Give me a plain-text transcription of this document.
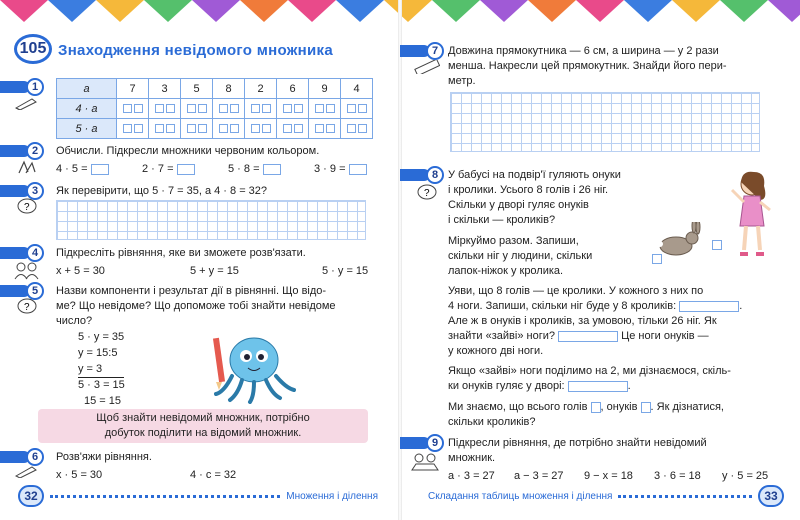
105 Знаходження невідомого множника
1	a	7	3	5	8	2	6	9	4
4 · a								
5 · a								
2	Обчисли. Підкресли множники червоним кольором.
4 · 5 =	2 · 7 =	5 · 8 =	3 · 9 =
3	Як перевірити, що 5 · 7 = 35, а 4 · 8 = 32?
?
4	Підкресліть рівняння, яке ви зможете розв'язати.
x + 5 = 30	5 + y = 15	5 · y = 15
5
?
Назви компоненти і результат дії в рівнянні. Що відо-
ме? Що невідоме? Що допоможе тобі знайти невідоме
число?
5 · y = 35
y = 15:5
y = 3
5 · 3 = 15
15 = 15
Щоб знайти невідомий множник, потрібно
добуток поділити на відомий множник.
6	Розв'яжи рівняння.
x · 5 = 30	4 · c = 32
32	Множення і ділення
7 Довжина прямокутника — 6 см, а ширина — у 2 рази
менша. Накресли цей прямокутник. Знайди його пери-
метр.
8
?
У бабусі на подвір'ї гуляють онуки
і кролики. Усього 8 голів і 26 ніг.
Скільки у дворі гуляє онуків
і скільки — кроликів?
Міркуймо разом. Запиши,
скільки ніг у людини, скільки
лапок-ніжок у кролика.
Уяви, що 8 голів — це кролики. У кожного з них по
4 ноги. Запиши, скільки ніг буде у 8 кроликів:	.
Але ж в онуків і кроликів, за умовою, тільки 26 ніг. Як
знайти «зайві» ноги?	Це ноги онуків —
у кожного дві ноги.
Якщо «зайві» ноги поділимо на 2, ми дізнаємося, скіль-
ки онуків гуляє у дворі:	.
Ми знаємо, що всього голів , онуків . Як дізнатися,
скільки кроликів?
9 Підкресли рівняння, де потрібно знайти невідомий
множник.
a · 3 = 27 a − 3 = 27 9 − x = 18 3 · 6 = 18 y · 5 = 25
Складання таблиць множення і ділення	33
